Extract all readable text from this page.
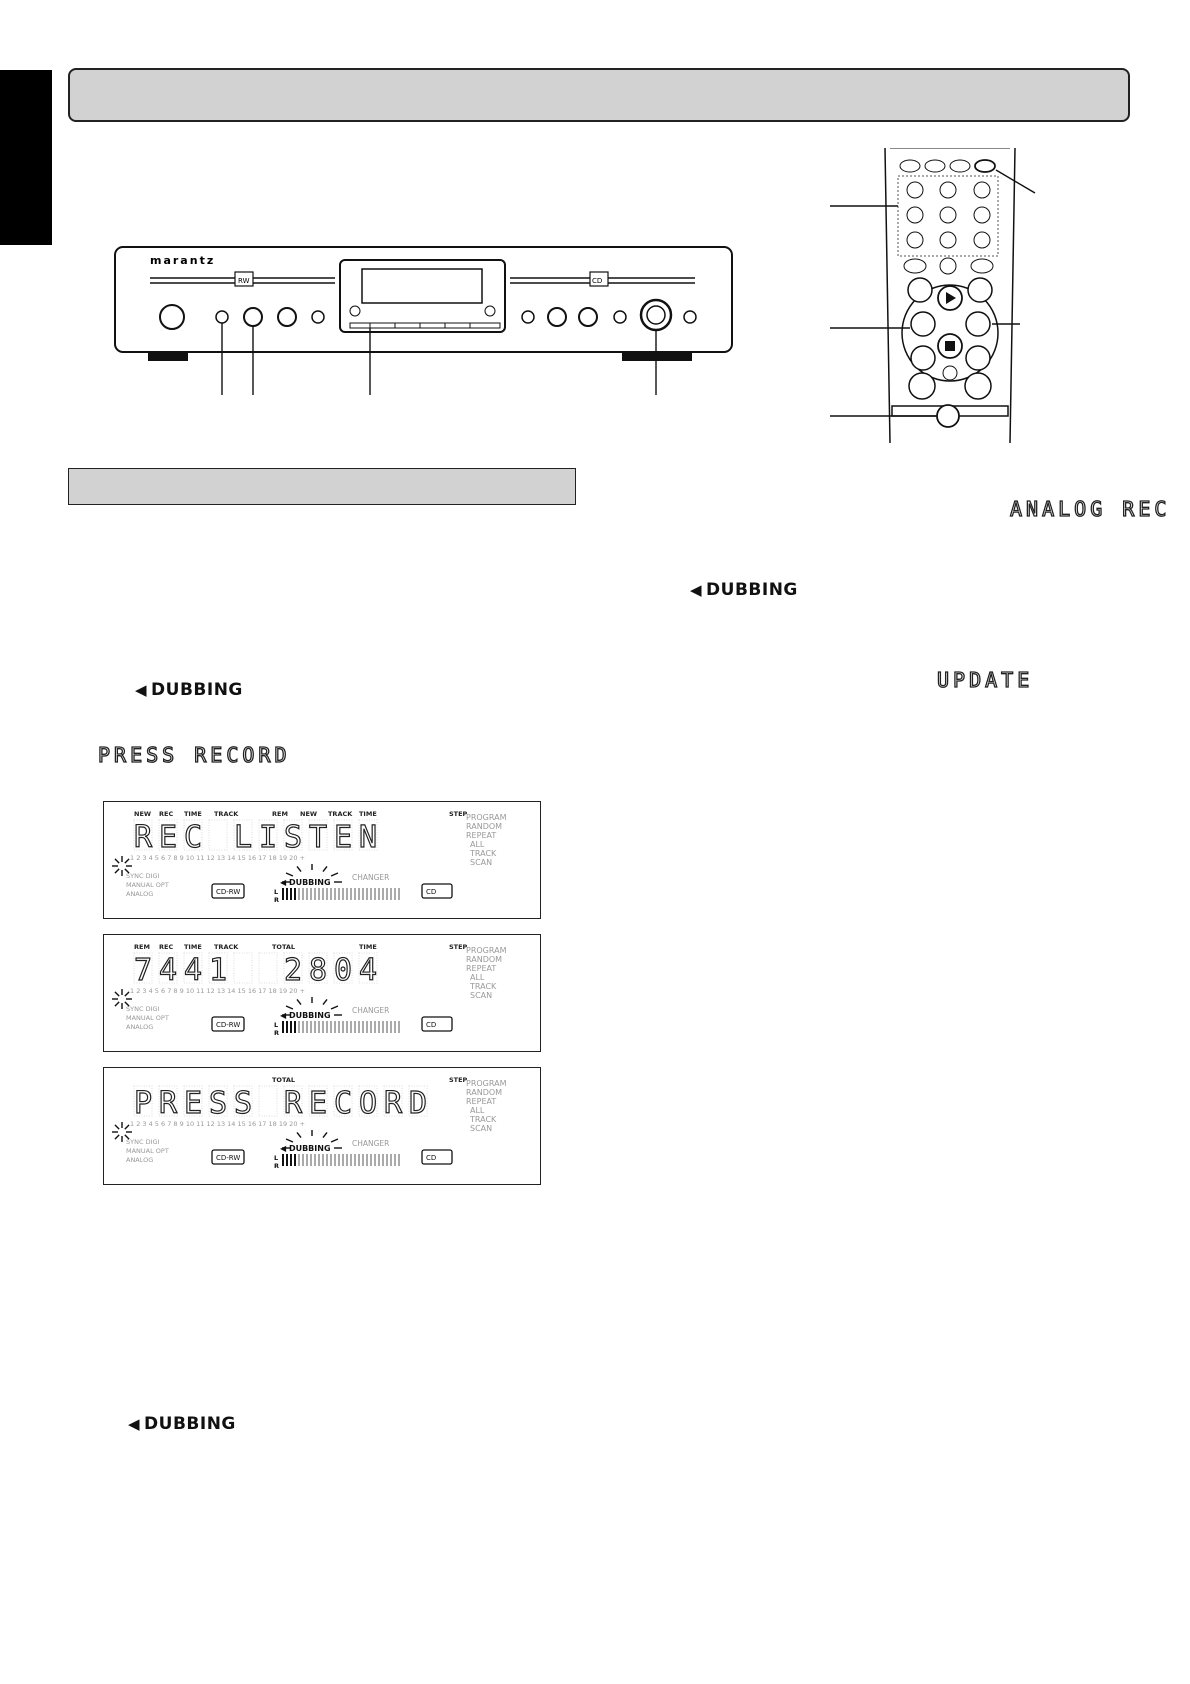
marantz
RW	CD
ANALOG REC
UPDATE
PRESS RECORD
◀ DUBBING
◀ DUBBING
◀ DUBBING
NEW REC TIME TRACK	REM NEW TRACK TIME	STEP
R E C L I S T E N
1 2 3 4 5 6 7 8 9 10 11 12 13 14 15 16 17 18 19 20 +
PROGRAM
RANDOM
REPEAT
ALL
TRACK
SCAN
SYNC DIGI
MANUAL OPT
ANALOG	CD-RW
◀ DUBBING
L
R
CHANGER
CD
REM REC TIME TRACK	TOTAL	TIME	STEP
7 4 4 1 2 8 0 4
1 2 3 4 5 6 7 8 9 10 11 12 13 14 15 16 17 18 19 20 +
PROGRAM
RANDOM
REPEAT
ALL
TRACK
SCAN
SYNC DIGI
MANUAL OPT
ANALOG	CD-RW
◀ DUBBING
L
R
CHANGER
CD
TOTAL	STEP
P R E S S R E C O R D
1 2 3 4 5 6 7 8 9 10 11 12 13 14 15 16 17 18 19 20 +
PROGRAM
RANDOM
REPEAT
ALL
TRACK
SCAN
SYNC DIGI
MANUAL OPT
ANALOG	CD-RW
◀ DUBBING
L
R
CHANGER
CD
